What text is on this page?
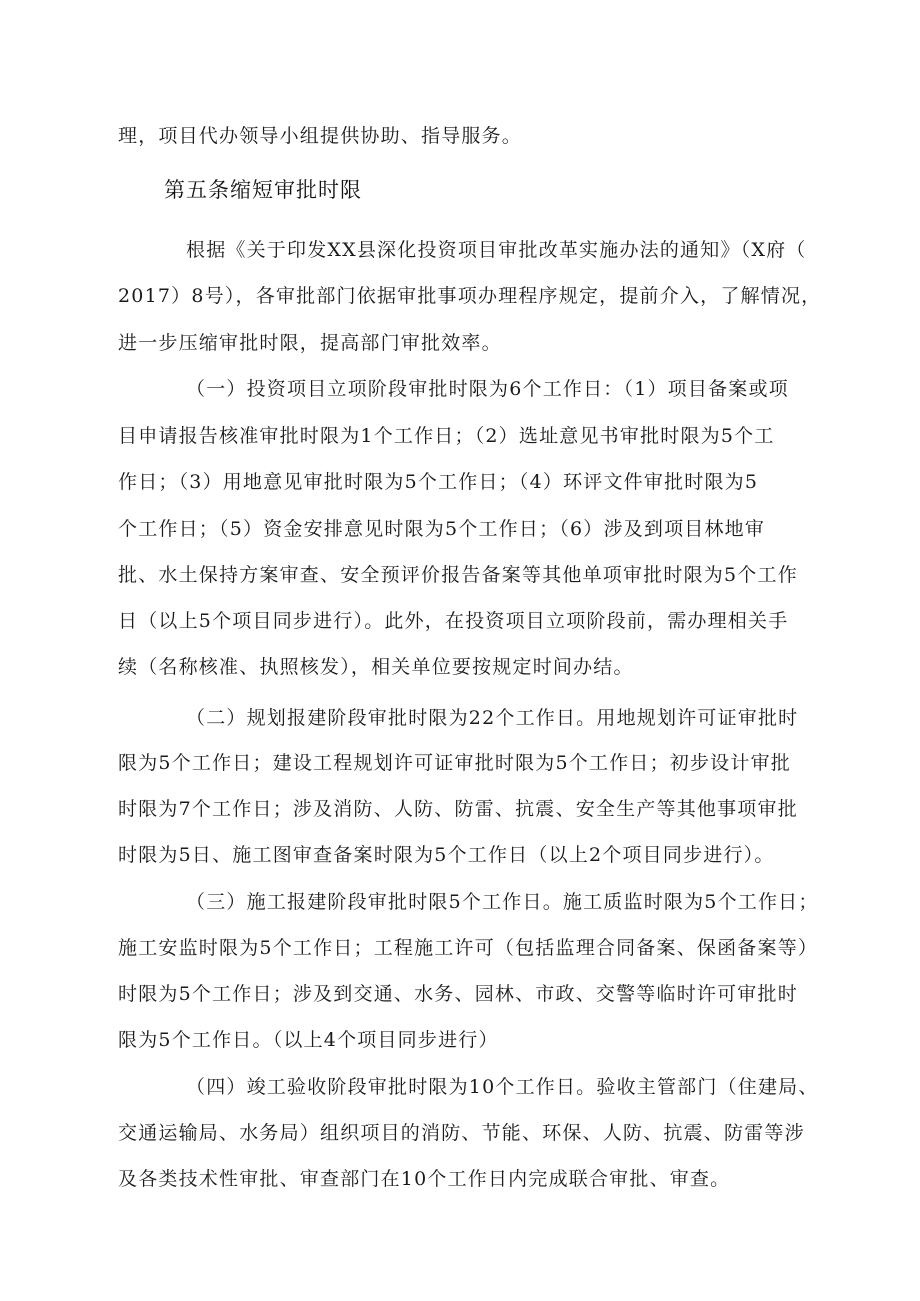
理，项目代办领导小组提供协助、指导服务。
第五条缩短审批时限
根据《关于印发XX县深化投资项目审批改革实施办法的通知》（X府（
2017）8号），各审批部门依据审批事项办理程序规定，提前介入，了解情况，
进一步压缩审批时限，提高部门审批效率。
（一）投资项目立项阶段审批时限为6个工作日：（1）项目备案或项
目申请报告核准审批时限为1个工作日；（2）选址意见书审批时限为5个工
作日；（3）用地意见审批时限为5个工作日；（4）环评文件审批时限为5
个工作日；（5）资金安排意见时限为5个工作日；（6）涉及到项目林地审
批、水土保持方案审查、安全预评价报告备案等其他单项审批时限为5个工作
日（以上5个项目同步进行）。此外，在投资项目立项阶段前，需办理相关手
续（名称核准、执照核发），相关单位要按规定时间办结。
（二）规划报建阶段审批时限为22个工作日。用地规划许可证审批时
限为5个工作日；建设工程规划许可证审批时限为5个工作日；初步设计审批
时限为7个工作日；涉及消防、人防、防雷、抗震、安全生产等其他事项审批
时限为5日、施工图审查备案时限为5个工作日（以上2个项目同步进行）。
（三）施工报建阶段审批时限5个工作日。施工质监时限为5个工作日；
施工安监时限为5个工作日；工程施工许可（包括监理合同备案、保函备案等）
时限为5个工作日；涉及到交通、水务、园林、市政、交警等临时许可审批时
限为5个工作日。（以上4个项目同步进行）
（四）竣工验收阶段审批时限为10个工作日。验收主管部门（住建局、
交通运输局、水务局）组织项目的消防、节能、环保、人防、抗震、防雷等涉
及各类技术性审批、审查部门在10个工作日内完成联合审批、审查。
